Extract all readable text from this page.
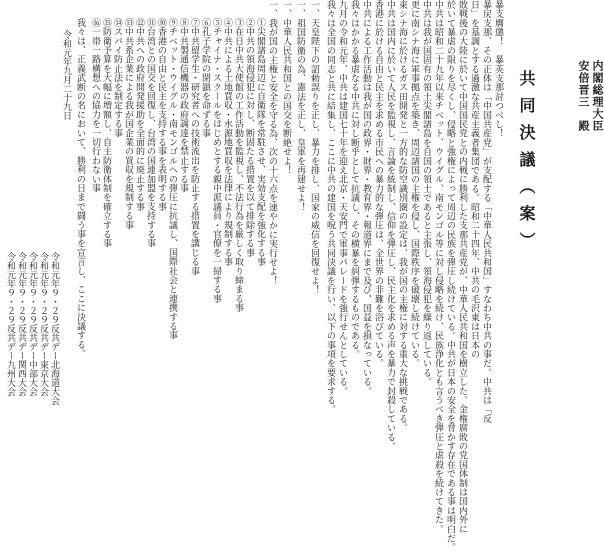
共同決議（案）
暴支膺懲！　暴英支那討つべし！
暴戻支那、その正体は「中国共産党」が支配する「中華人民共和国」すなわち中共の事だ。中共は「反
日」を基調とする過激な共産主義者集団である。昭和二十四年、中共の毛沢東は日本の
敗戦後の大陸に於いて中国国民党との内戦に勝利した支那共産党が、中華人民共和国を樹立した。金権腐敗の党国体制は国内外に
於いて暴虐の限りを尽くし、侵略と強権によって周辺の民族を弾圧し続けている。中共が日本の安全を脅かす存在である事は明白だ。
中共は昭和二十九年以来チベット、ウイグル、南モンゴル等に対し侵略を続け、民族浄化とも言うべき弾圧と虐殺を続けてきた。
中共は我が国固有の領土尖閣諸島を自国の領土であると主張し、領海侵犯を繰り返している。
更に南シナ海に軍事拠点を築き、周辺諸国の主権を侵し、国際秩序を破壊し続けている。
東シナ海に於けるガス田開発と一方的な防空識別圏の設定は、我が国の主権に対する重大な挑戦である。
中共は国内に於いて人民を監視し、言論を統制し、信仰を弾圧し、民主化を求める声を暴力で封殺している。
香港に於ける自由と民主を求める市民への暴力的な弾圧は、全世界の非難を浴びている。
中共による工作活動は我が国の政界・財界・教育界・報道界にまで及び、国益を損なっている。
我々はかかる暴虐なる中共に対し断乎として抗議し、その横暴を糾弾するものである。
九月の令和元年、中共は建国七十年を迎え北京・天安門で軍事パレードを強行せんとしている。
我々は全国の同志と共に結集し、ここに中共の建国を呪う共同決議を行い、以下の事項を要求する。
一、天皇陛下の詔勅誤りを正し、暴力を排し、国家の威信を回復せよ！
一、祖国防衛の為、憲法を正し、皇軍を再建せよ！
一、中華人民共和国との国交を断絶せよ！
一、我が国の主権と安全を守る為、次の十六点を速やかに実行せよ！
①尖閣諸島周辺に自衛隊を常駐させ、実効支配を強化する事
②中共の領海侵犯に対し、断固たる措置を以て排除する事
③在日中共大使館の工作活動を監視し、不法行為を厳しく取り締まる事
④中共による土地買収・水源地買収を法律により規制する事
⑤チャイナ・スクールをはじめとする親中派議員・官僚を一掃する事
⑥孔子学院の閉鎖を命ずる事
⑦中共留学生・研究者への技術流出を防止する措置を講じる事
⑧中共製通信機器の政府調達を禁止する事
⑨チベット・ウイグル・南モンゴルへの弾圧に抗議し、国際社会と連携する事
⑩香港の自由と民主を支持する事を表明する事
⑪台湾との国交を回復し、台湾の国連加盟を支持する事
⑫中共への政府開発援助を全面的に廃止する事
⑬中共系企業による我が国企業の買収を規制する事
⑭スパイ防止法を制定する事
⑮防衛予算を大幅に増額し、自主防衛体制を確立する事
⑯一帯一路構想への協力を一切行わない事
我々は、正義武断の名において、勝利の日まで闘う事を宣言し、ここに決議する。
令和元年九月二十九日
令和元年９・２９反共デー北海道大会
令和元年９・２９反共デー東京大会
令和元年９・２９反共デー中部大会
令和元年９・２９反共デー関西大会
令和元年９・２９反共デー九州大会
内閣総理大臣
安倍晋三　殿
